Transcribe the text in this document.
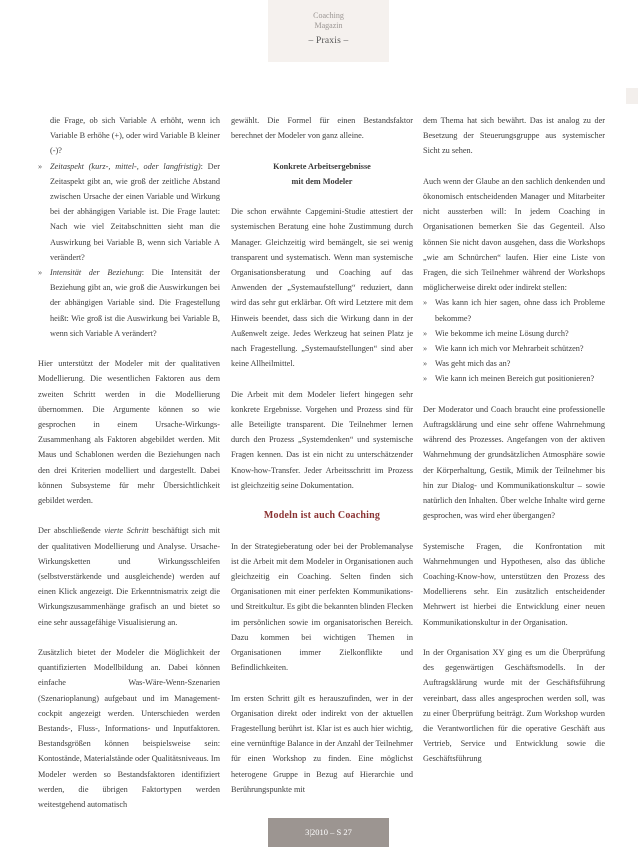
Coaching
Magazin
– Praxis –
die Frage, ob sich Variable A erhöht, wenn ich Variable B erhöhe (+), oder wird Variable B kleiner (-)?
» Zeitaspekt (kurz-, mittel-, oder langfristig): Der Zeitaspekt gibt an, wie groß der zeitliche Abstand zwischen Ursache der einen Variable und Wirkung bei der abhängigen Variable ist. Die Frage lautet: Nach wie viel Zeitabschnitten sieht man die Auswirkung bei Variable B, wenn sich Variable A verändert?
» Intensität der Beziehung: Die Intensität der Beziehung gibt an, wie groß die Auswirkungen bei der abhängigen Variable sind. Die Fragestellung heißt: Wie groß ist die Auswirkung bei Variable B, wenn sich Variable A verändert?

Hier unterstützt der Modeler mit der qualitativen Modellierung. Die wesentlichen Faktoren aus dem zweiten Schritt werden in die Modellierung übernommen. Die Argumente können so wie gesprochen in einem Ursache-Wirkungs-Zusammenhang als Faktoren abgebildet werden. Mit Maus und Schablonen werden die Beziehungen nach den drei Kriterien modelliert und dargestellt. Dabei können Subsysteme für mehr Übersichtlichkeit gebildet werden.

Der abschließende vierte Schritt beschäftigt sich mit der qualitativen Modellierung und Analyse. Ursache-Wirkungsketten und Wirkungsschleifen (selbstverstärkende und ausgleichende) werden auf einen Klick angezeigt. Die Erkenntnismatrix zeigt die Wirkungszusammenhänge grafisch an und bietet so eine sehr aussagefähige Visualisierung an.

Zusätzlich bietet der Modeler die Möglichkeit der quantifizierten Modellbildung an. Dabei können einfache Was-Wäre-Wenn-Szenarien (Szenarioplanung) aufgebaut und im Managementcockpit angezeigt werden. Unterschieden werden Bestands-, Fluss-, Informations- und Inputfaktoren. Bestandsgrößen können beispielsweise sein: Kontostände, Materialstände oder Qualitätsniveaus. Im Modeler werden so Bestandsfaktoren identifiziert werden, die übrigen Faktortypen werden weitestgehend automatisch

gewählt. Die Formel für einen Bestandsfaktor berechnet der Modeler von ganz alleine.

Konkrete Arbeitsergebnisse
mit dem Modeler

Die schon erwähnte Capgemini-Studie attestiert der systemischen Beratung eine hohe Zustimmung durch Manager. Gleichzeitig wird bemängelt, sie sei wenig transparent und systematisch. Wenn man systemische Organisationsberatung und Coaching auf das Anwenden der „Systemaufstellung“ reduziert, dann wird das sehr gut erklärbar. Oft wird Letztere mit dem Hinweis beendet, dass sich die Wirkung dann in der Außenwelt zeige. Jedes Werkzeug hat seinen Platz je nach Fragestellung. „Systemaufstellungen“ sind aber keine Allheilmittel.

Die Arbeit mit dem Modeler liefert hingegen sehr konkrete Ergebnisse. Vorgehen und Prozess sind für alle Beteiligte transparent. Die Teilnehmer lernen durch den Prozess „Systemdenken“ und systemische Fragen kennen. Das ist ein nicht zu unterschätzender Know-how-Transfer. Jeder Arbeitsschritt im Prozess ist gleichzeitig seine Dokumentation.

Modeln ist auch Coaching

In der Strategieberatung oder bei der Problemanalyse ist die Arbeit mit dem Modeler in Organisationen auch gleichzeitig ein Coaching. Selten finden sich Organisationen mit einer perfekten Kommunikations- und Streitkultur. Es gibt die bekannten blinden Flecken im persönlichen sowie im organisatorischen Bereich. Dazu kommen bei wichtigen Themen in Organisationen immer Zielkonflikte und Befindlichkeiten.

Im ersten Schritt gilt es herauszufinden, wer in der Organisation direkt oder indirekt von der aktuellen Fragestellung berührt ist. Klar ist es auch hier wichtig, eine vernünftige Balance in der Anzahl der Teilnehmer für einen Workshop zu finden. Eine möglichst heterogene Gruppe in Bezug auf Hierarchie und Berührungspunkte mit

dem Thema hat sich bewährt. Das ist analog zu der Besetzung der Steuerungsgruppe aus systemischer Sicht zu sehen.

Auch wenn der Glaube an den sachlich denkenden und ökonomisch entscheidenden Manager und Mitarbeiter nicht aussterben will: In jedem Coaching in Organisationen bemerken Sie das Gegenteil. Also können Sie nicht davon ausgehen, dass die Workshops „wie am Schnürchen“ laufen. Hier eine Liste von Fragen, die sich Teilnehmer während der Workshops möglicherweise direkt oder indirekt stellen:

» Was kann ich hier sagen, ohne dass ich Probleme bekomme?
» Wie bekomme ich meine Lösung durch?
» Wie kann ich mich vor Mehrarbeit schützen?
» Was geht mich das an?
» Wie kann ich meinen Bereich gut positionieren?

Der Moderator und Coach braucht eine professionelle Auftragsklärung und eine sehr offene Wahrnehmung während des Prozesses. Angefangen von der aktiven Wahrnehmung der grundsätzlichen Atmosphäre sowie der Körperhaltung, Gestik, Mimik der Teilnehmer bis hin zur Dialog- und Kommunikationskultur – sowie natürlich den Inhalten. Über welche Inhalte wird gerne gesprochen, was wird eher übergangen?

Systemische Fragen, die Konfrontation mit Wahrnehmungen und Hypothesen, also das übliche Coaching-Know-how, unterstützen den Prozess des Modellierens sehr. Ein zusätzlich entscheidender Mehrwert ist hierbei die Entwicklung einer neuen Kommunikationskultur in der Organisation.

In der Organisation XY ging es um die Überprüfung des gegenwärtigen Geschäftsmodells. In der Auftragsklärung wurde mit der Geschäftsführung vereinbart, dass alles angesprochen werden soll, was zu einer Überprüfung beiträgt. Zum Workshop wurden die Verantwortlichen für die operative Geschäft aus Vertrieb, Service und Entwicklung sowie die Geschäftsführung

3|2010 – S 27
